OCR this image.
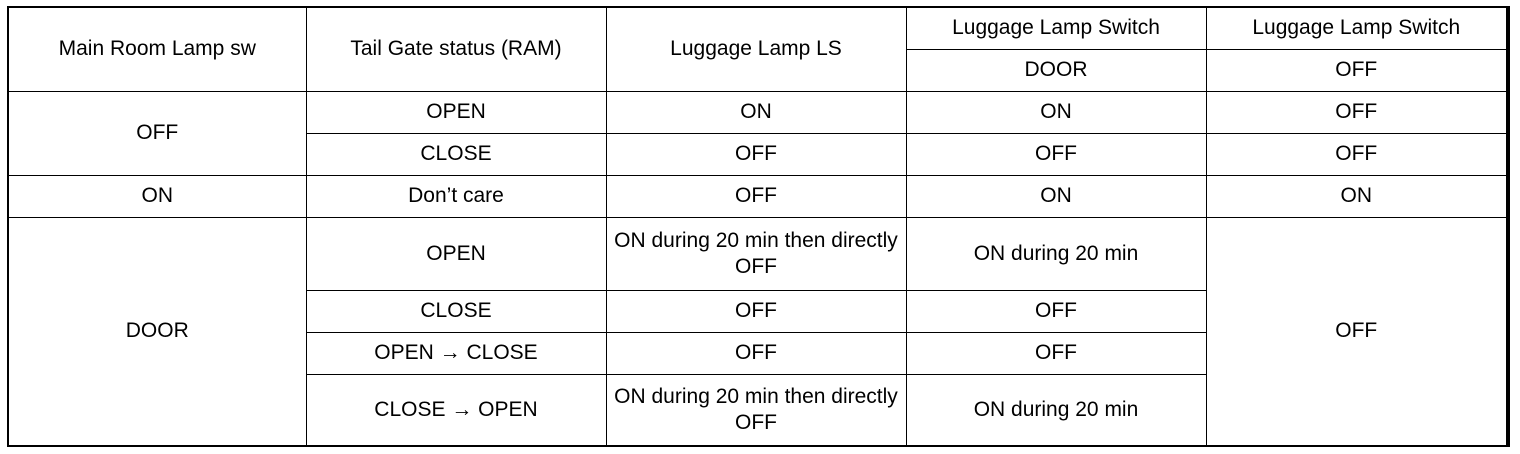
Main Room Lamp sw	Tail Gate status (RAM)	Luggage Lamp LS	Luggage Lamp Switch	Luggage Lamp Switch
			DOOR	OFF
OFF	OPEN	ON	ON	OFF
	CLOSE	OFF	OFF	OFF
ON	Don’t care	OFF	ON	ON
DOOR	OPEN	ON during 20 min then directly OFF	ON during 20 min	OFF
	CLOSE	OFF	OFF	
	OPEN → CLOSE	OFF	OFF	
	CLOSE → OPEN	ON during 20 min then directly OFF	ON during 20 min	
